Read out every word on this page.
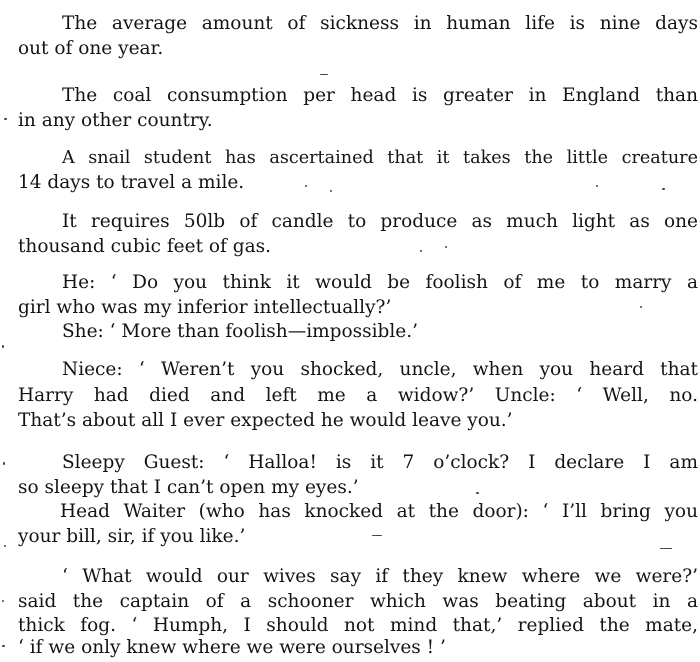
The average amount of sickness in human life is nine days
out of one year.
The coal consumption per head is greater in England than
in any other country.
A snail student has ascertained that it takes the little creature
14 days to travel a mile.
It requires 50lb of candle to produce as much light as one
thousand cubic feet of gas.
He: ‘ Do you think it would be foolish of me to marry a
girl who was my inferior intellectually?’
She: ‘ More than foolish—impossible.’
Niece: ‘ Weren’t you shocked, uncle, when you heard that
Harry had died and left me a widow?’ Uncle: ‘ Well, no.
That’s about all I ever expected he would leave you.’
Sleepy Guest: ‘ Halloa! is it 7 o’clock? I declare I am
so sleepy that I can’t open my eyes.’
Head Waiter (who has knocked at the door): ‘ I’ll bring you
your bill, sir, if you like.’
‘ What would our wives say if they knew where we were?’
said the captain of a schooner which was beating about in a
thick fog. ‘ Humph, I should not mind that,’ replied the mate,
‘ if we only knew where we were ourselves ! ’
